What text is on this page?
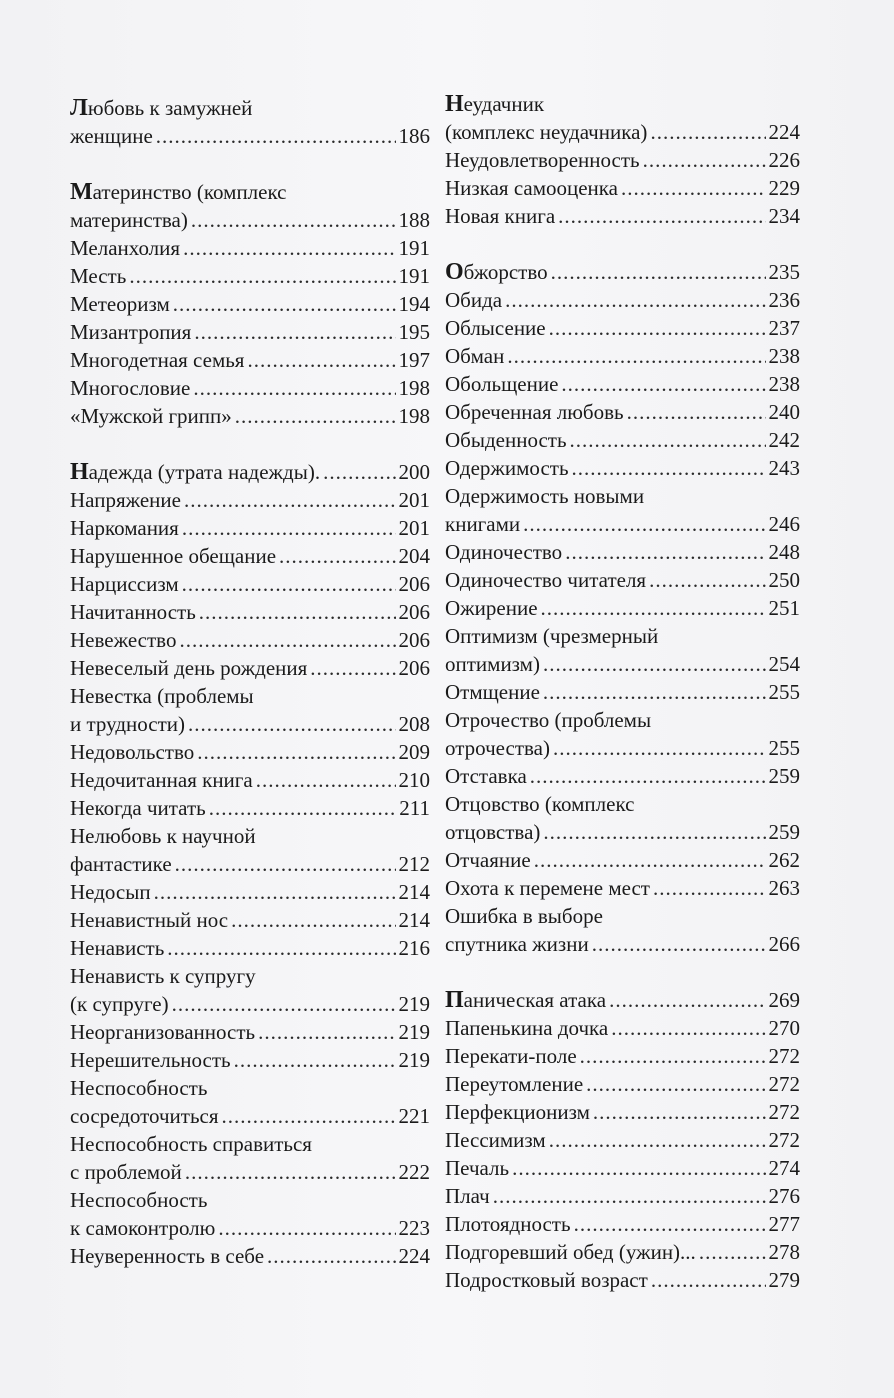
Любовь к замужней
женщине .....	186
Материнство (комплекс
материнства) .....	188
Меланхолия .....	191
Месть .....	191
Метеоризм .....	194
Мизантропия .....	195
Многодетная семья .....	197
Многословие .....	198
«Мужской грипп» .....	198
Надежда (утрата надежды). .....	200
Напряжение .....	201
Наркомания .....	201
Нарушенное обещание .....	204
Нарциссизм .....	206
Начитанность .....	206
Невежество .....	206
Невеселый день рождения .....	206
Невестка (проблемы
и трудности) .....	208
Недовольство .....	209
Недочитанная книга .....	210
Некогда читать .....	211
Нелюбовь к научной
фантастике .....	212
Недосып .....	214
Ненавистный нос .....	214
Ненависть .....	216
Ненависть к супругу
(к супруге) .....	219
Неорганизованность .....	219
Нерешительность .....	219
Неспособность
сосредоточиться .....	221
Неспособность справиться
с проблемой .....	222
Неспособность
к самоконтролю .....	223
Неуверенность в себе .....	224
Неудачник
(комплекс неудачника) .....	224
Неудовлетворенность .....	226
Низкая самооценка .....	229
Новая книга .....	234
Обжорство .....	235
Обида .....	236
Облысение .....	237
Обман .....	238
Обольщение .....	238
Обреченная любовь .....	240
Обыденность .....	242
Одержимость .....	243
Одержимость новыми
книгами .....	246
Одиночество .....	248
Одиночество читателя .....	250
Ожирение .....	251
Оптимизм (чрезмерный
оптимизм) .....	254
Отмщение .....	255
Отрочество (проблемы
отрочества) .....	255
Отставка .....	259
Отцовство (комплекс
отцовства) .....	259
Отчаяние .....	262
Охота к перемене мест .....	263
Ошибка в выборе
спутника жизни .....	266
Паническая атака .....	269
Папенькина дочка .....	270
Перекати-поле .....	272
Переутомление .....	272
Перфекционизм .....	272
Пессимизм .....	272
Печаль .....	274
Плач .....	276
Плотоядность .....	277
Подгоревший обед (ужин)... .....	278
Подростковый возраст .....	279
